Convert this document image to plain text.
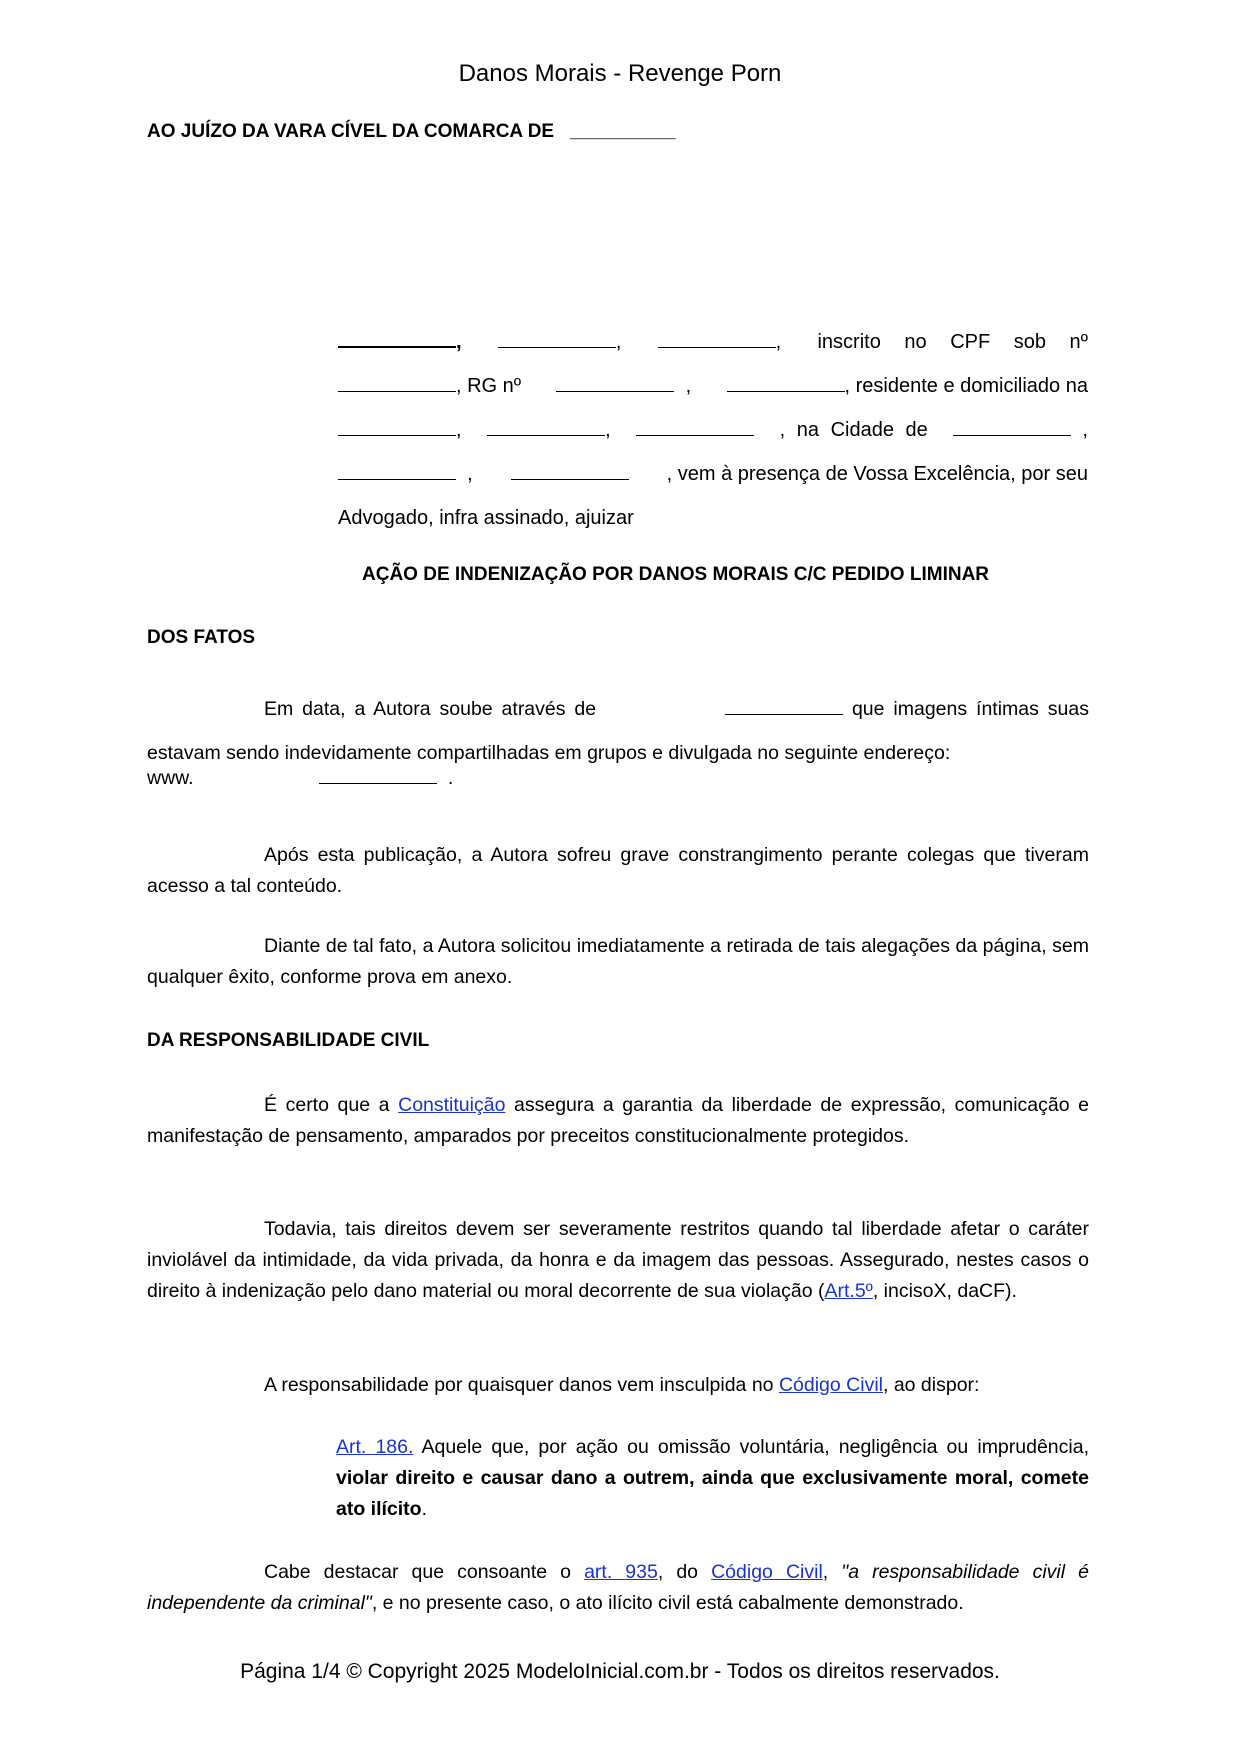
Danos Morais - Revenge Porn
AO JUÍZO DA VARA CÍVEL DA COMARCA DE __________
,	,	, inscrito no CPF sob nº
, RG nº	,	, residente e domiciliado na
,	,	, na Cidade de	,
,	, vem à presença de Vossa Excelência, por seu
Advogado, infra assinado, ajuizar
AÇÃO DE INDENIZAÇÃO POR DANOS MORAIS C/C PEDIDO LIMINAR
DOS FATOS
Em data, a Autora soube através de	que imagens íntimas suas estavam sendo indevidamente compartilhadas em grupos e divulgada no seguinte endereço:
www.	.
Após esta publicação, a Autora sofreu grave constrangimento perante colegas que tiveram acesso a tal conteúdo.
Diante de tal fato, a Autora solicitou imediatamente a retirada de tais alegações da página, sem qualquer êxito, conforme prova em anexo.
DA RESPONSABILIDADE CIVIL
É certo que a Constituição assegura a garantia da liberdade de expressão, comunicação e manifestação de pensamento, amparados por preceitos constitucionalmente protegidos.
Todavia, tais direitos devem ser severamente restritos quando tal liberdade afetar o caráter inviolável da intimidade, da vida privada, da honra e da imagem das pessoas. Assegurado, nestes casos o direito à indenização pelo dano material ou moral decorrente de sua violação (Art.5º, incisoX, daCF).
A responsabilidade por quaisquer danos vem insculpida no Código Civil, ao dispor:
Art. 186. Aquele que, por ação ou omissão voluntária, negligência ou imprudência, violar direito e causar dano a outrem, ainda que exclusivamente moral, comete ato ilícito.
Cabe destacar que consoante o art. 935, do Código Civil, "a responsabilidade civil é independente da criminal", e no presente caso, o ato ilícito civil está cabalmente demonstrado.
Página 1/4 © Copyright 2025 ModeloInicial.com.br - Todos os direitos reservados.
